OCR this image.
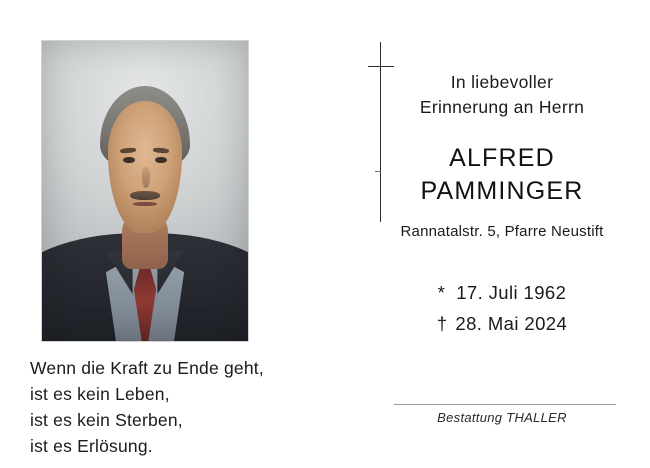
Wenn die Kraft zu Ende geht,
ist es kein Leben,
ist es kein Sterben,
ist es Erlösung.
In liebevoller
Erinnerung an Herrn
ALFRED
PAMMINGER
Rannatalstr. 5, Pfarre Neustift
* 17. Juli 1962
† 28. Mai 2024
Bestattung THALLER
